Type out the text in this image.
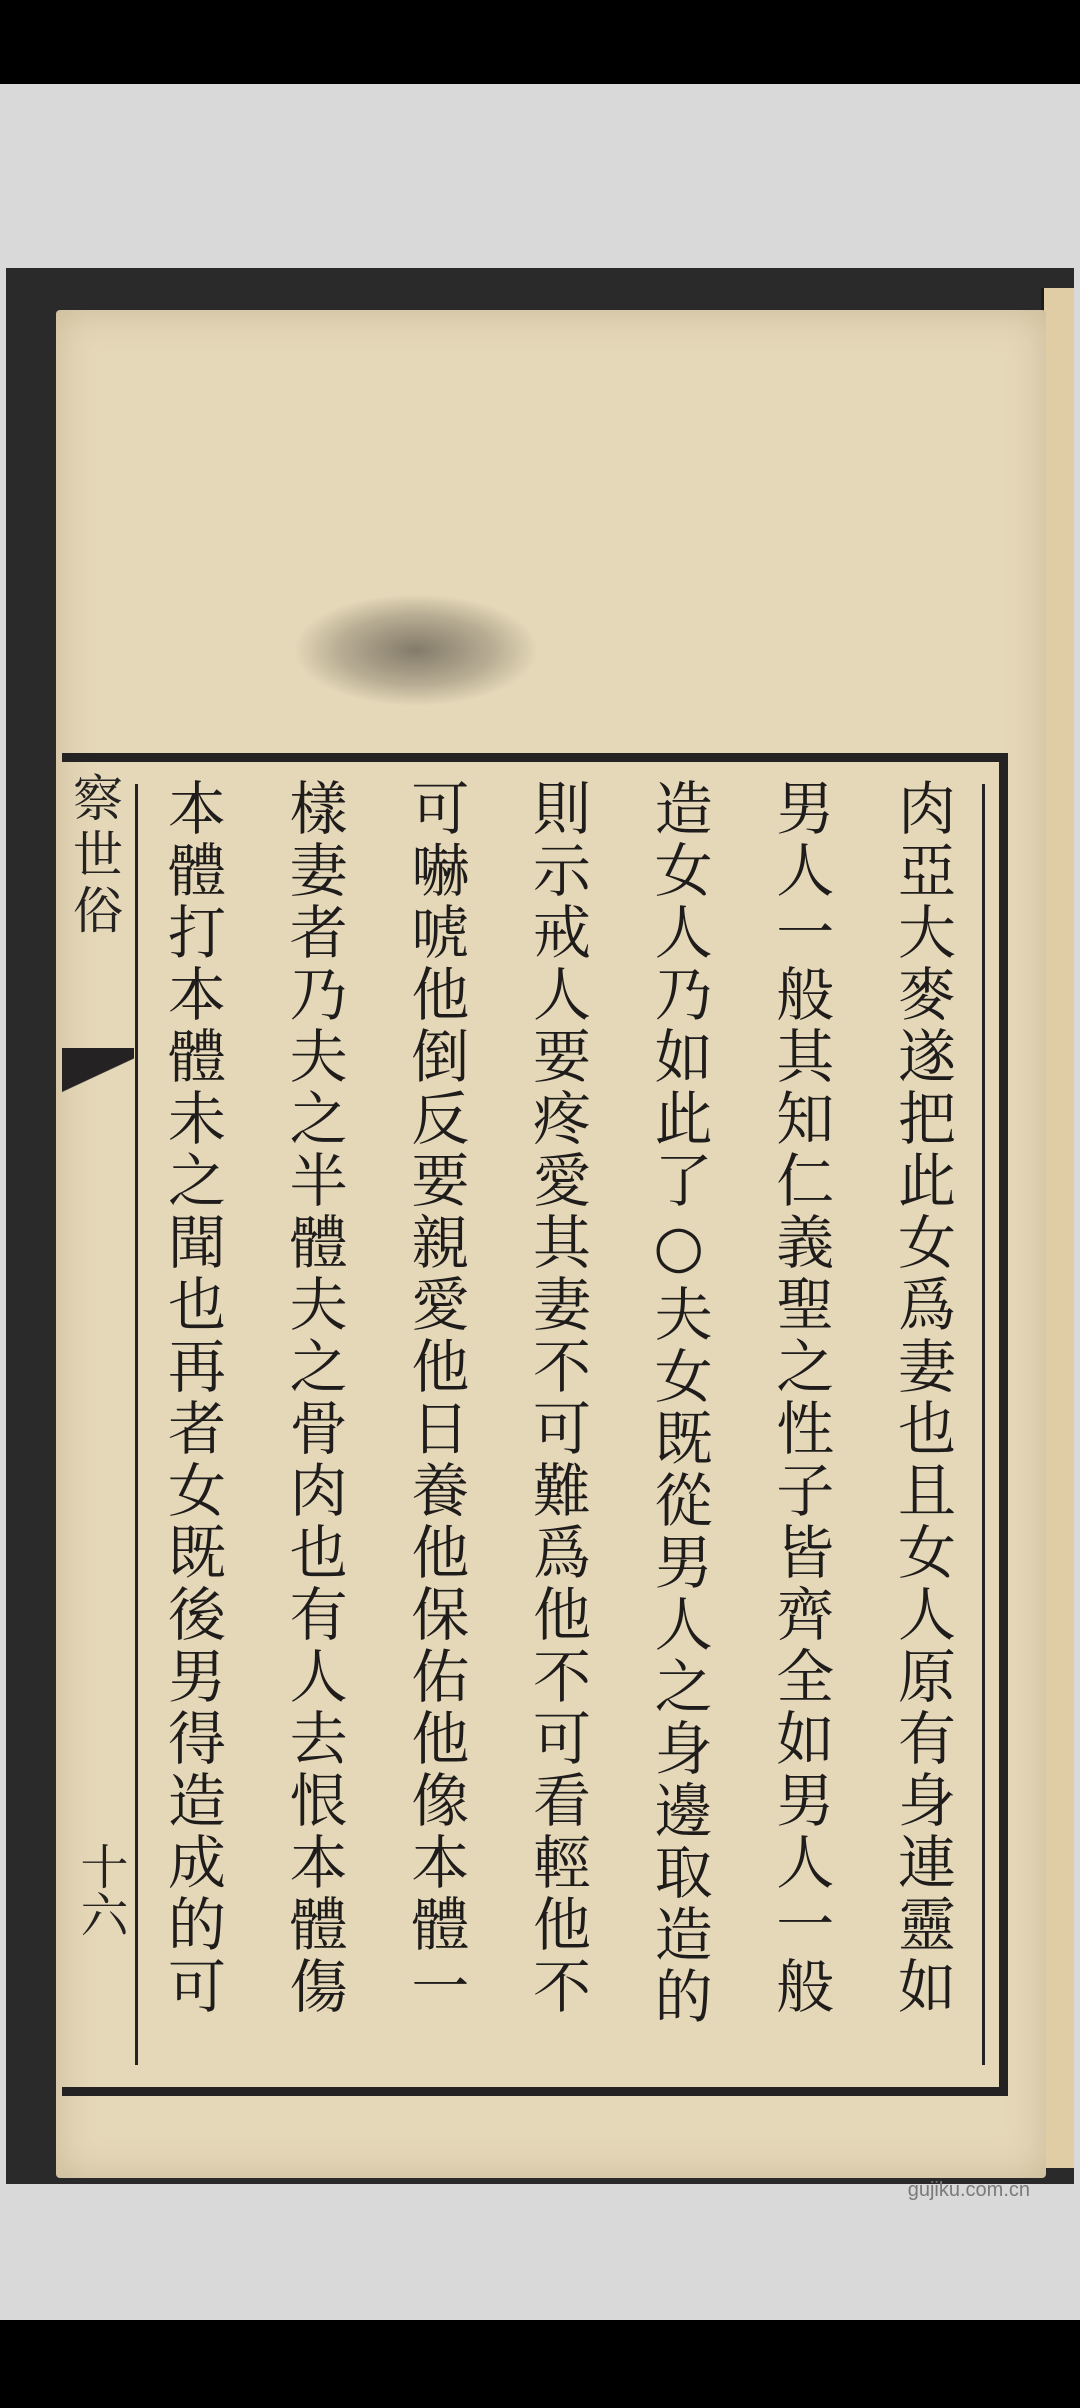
察世俗
十六	肉亞大麥遂把此女爲妻也且女人原有身連靈如
男人一般其知仁義聖之性子皆齊全如男人一般
造女人乃如此了○夫女既從男人之身邊取造的
則示戒人要疼愛其妻不可難爲他不可看輕他不
可嚇唬他倒反要親愛他日養他保佑他像本體一
樣妻者乃夫之半體夫之骨肉也有人去恨本體傷
本體打本體未之聞也再者女既後男得造成的可
gujiku.com.cn
